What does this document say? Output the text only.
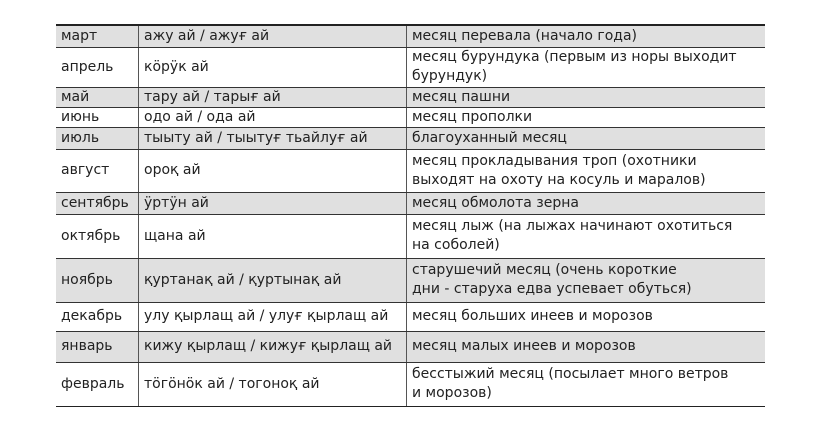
март	ажу ай / ажуғ ай	месяц перевала (начало года)
апрель	кӧрӱк ай	месяц бурундука (первым из норы выходит
бурундук)

май	тару ай / тарығ ай	месяц пашни
июнь	одо ай / ода ай	месяц прополки
июль	тыыту ай / тыытуғ тьайлуғ ай	благоуханный месяц
август	ороқ ай	месяц прокладывания троп (охотники
выходят на охоту на косуль и маралов)

сентябрь	ӱртӱн ай	месяц обмолота зерна
октябрь	щана ай	месяц лыж (на лыжах начинают охотиться
на соболей)

ноябрь	қуртанақ ай / қуртынақ ай	старушечий месяц (очень короткие
дни - старуха едва успевает обуться)

декабрь	улу қырлащ ай / улуғ қырлащ ай	месяц больших инеев и морозов
январь	кижу қырлащ / кижуғ қырлащ ай	месяц малых инеев и морозов
февраль	тӧгӧнӧк ай / тогоноқ ай	бесстыжий месяц (посылает много ветров
и морозов)
